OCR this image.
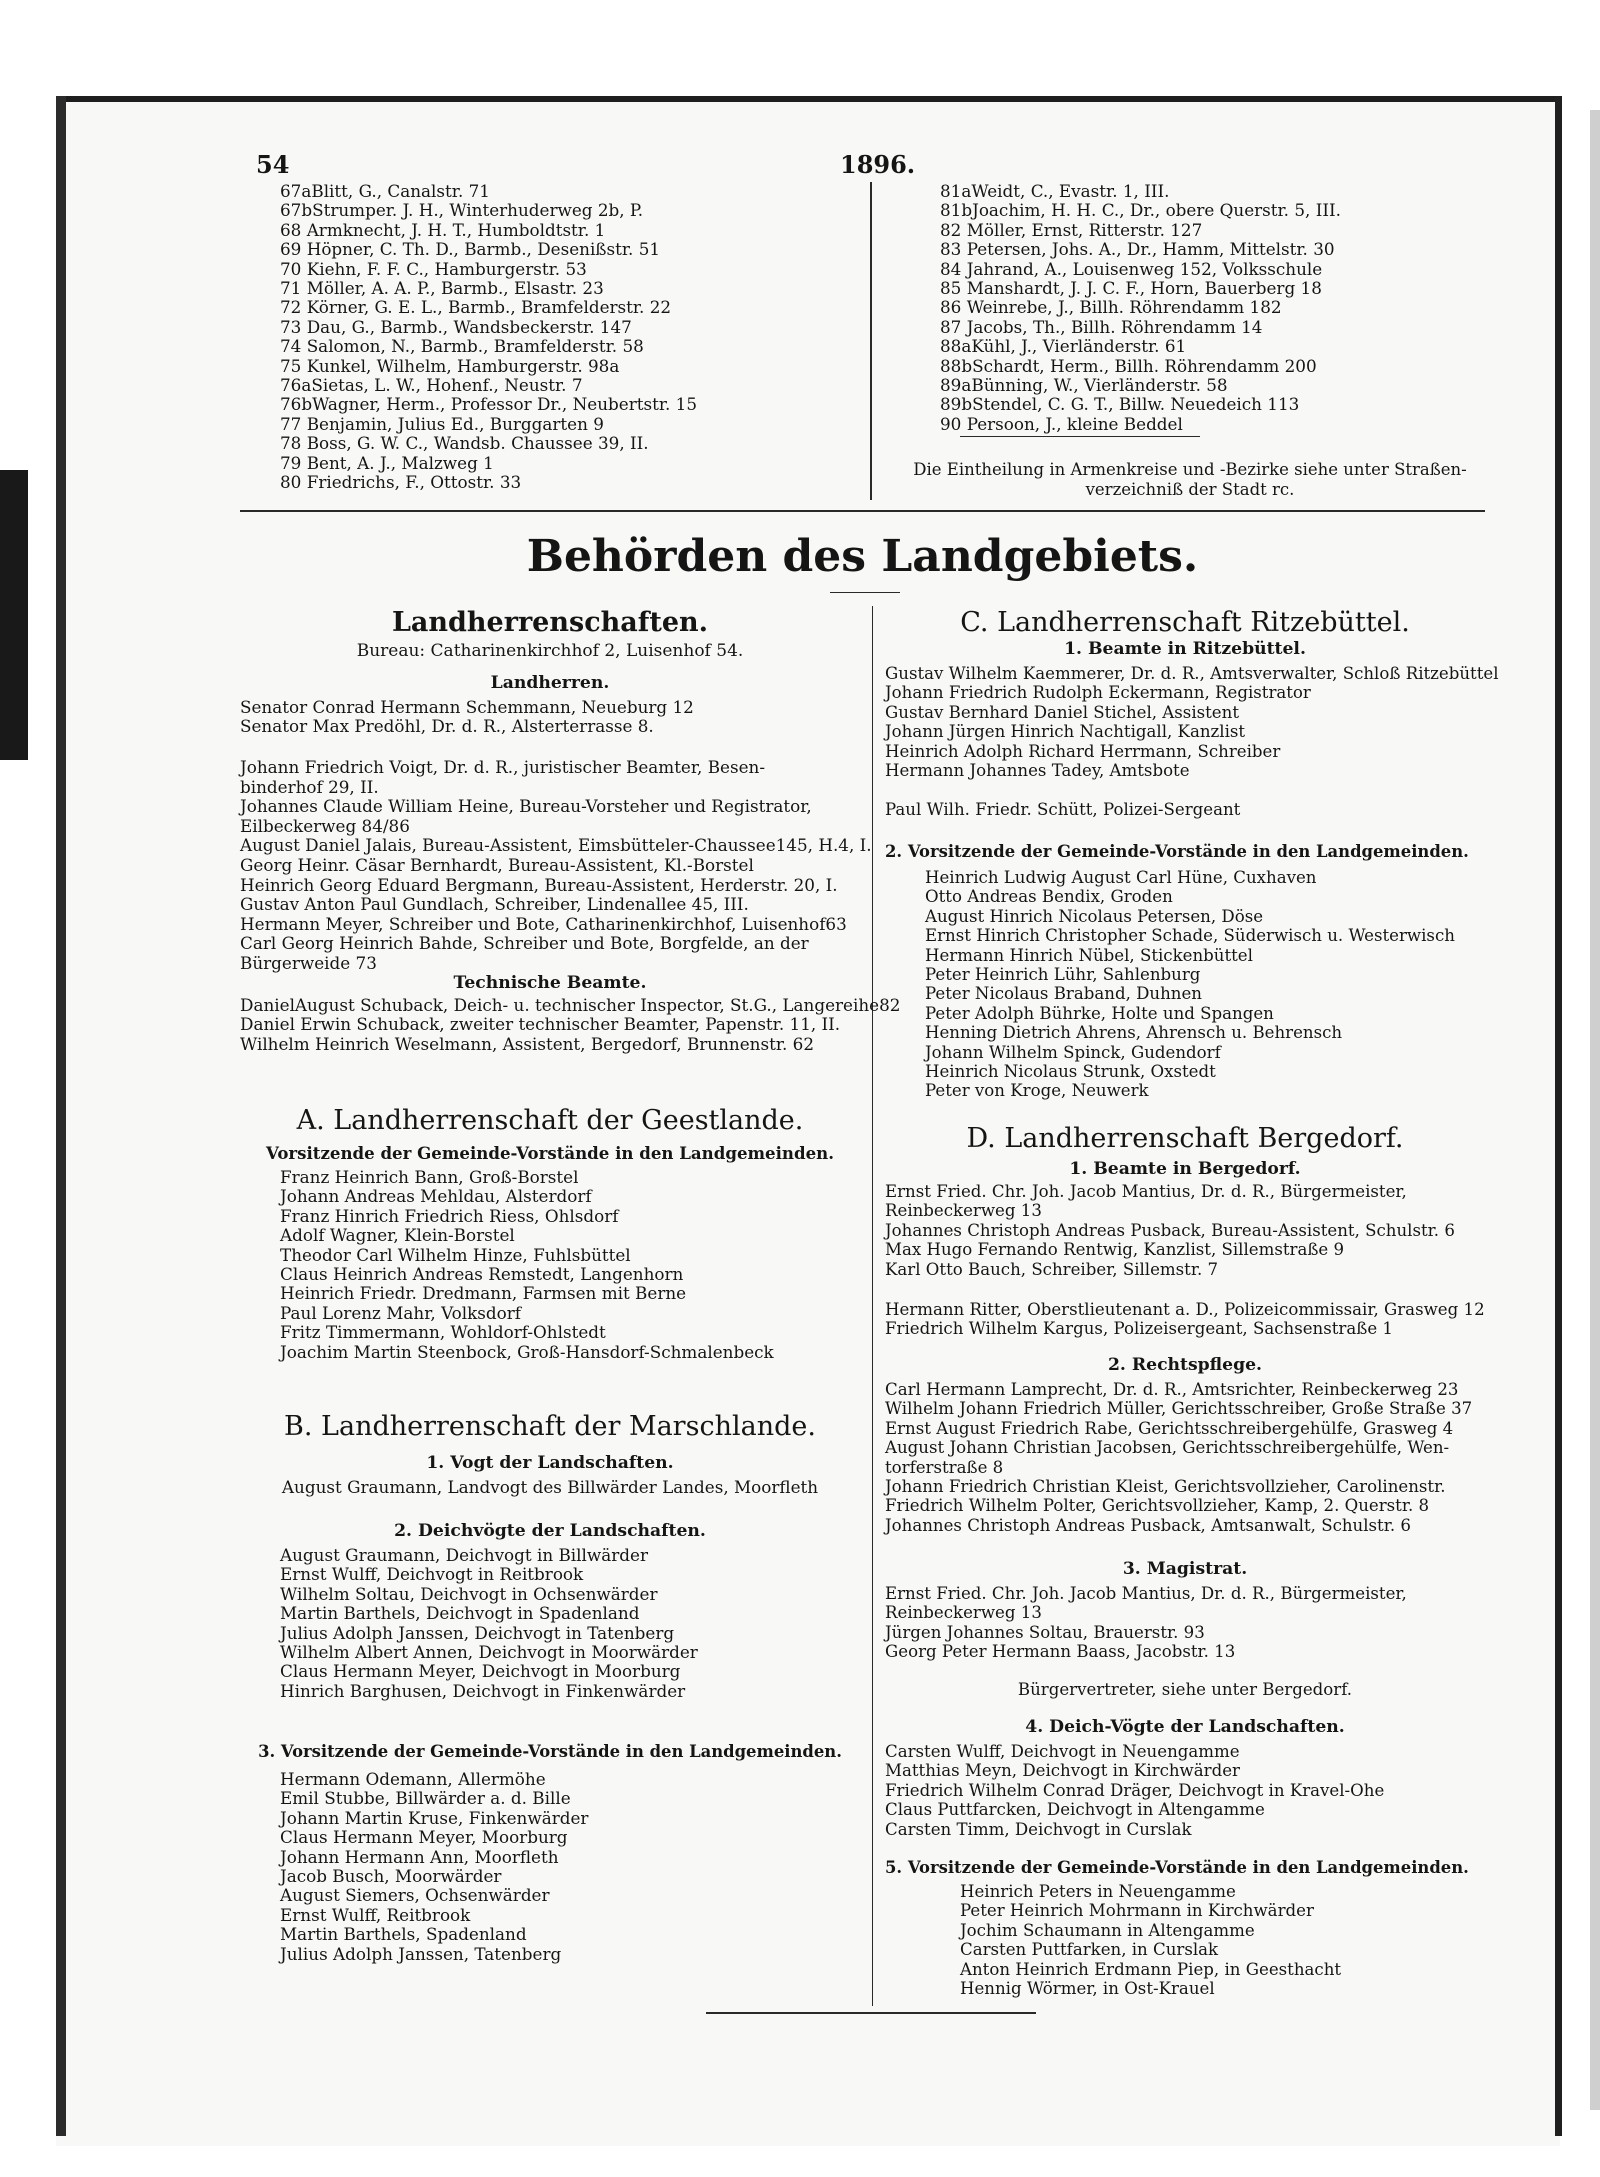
54	1896.
Die Eintheilung in Armenkreise und -Bezirke siehe unter Straßen-
verzeichniß der Stadt rc.
Behörden des Landgebiets.
67aBlitt, G., Canalstr. 71
67bStrumper. J. H., Winterhuderweg 2b, P.
68 Armknecht, J. H. T., Humboldtstr. 1
69 Höpner, C. Th. D., Barmb., Desenißstr. 51
70 Kiehn, F. F. C., Hamburgerstr. 53
71 Möller, A. A. P., Barmb., Elsastr. 23
72 Körner, G. E. L., Barmb., Bramfelderstr. 22
73 Dau, G., Barmb., Wandsbeckerstr. 147
74 Salomon, N., Barmb., Bramfelderstr. 58
75 Kunkel, Wilhelm, Hamburgerstr. 98a
76aSietas, L. W., Hohenf., Neustr. 7
76bWagner, Herm., Professor Dr., Neubertstr. 15
77 Benjamin, Julius Ed., Burggarten 9
78 Boss, G. W. C., Wandsb. Chaussee 39, II.
79 Bent, A. J., Malzweg 1
80 Friedrichs, F., Ottostr. 33
81aWeidt, C., Evastr. 1, III.
81bJoachim, H. H. C., Dr., obere Querstr. 5, III.
82 Möller, Ernst, Ritterstr. 127
83 Petersen, Johs. A., Dr., Hamm, Mittelstr. 30
84 Jahrand, A., Louisenweg 152, Volksschule
85 Manshardt, J. J. C. F., Horn, Bauerberg 18
86 Weinrebe, J., Billh. Röhrendamm 182
87 Jacobs, Th., Billh. Röhrendamm 14
88aKühl, J., Vierländerstr. 61
88bSchardt, Herm., Billh. Röhrendamm 200
89aBünning, W., Vierländerstr. 58
89bStendel, C. G. T., Billw. Neuedeich 113
90 Persoon, J., kleine Beddel
Landherrenschaften.
Bureau: Catharinenkirchhof 2, Luisenhof 54.
Landherren.
Senator Conrad Hermann Schemmann, Neueburg 12
Senator Max Predöhl, Dr. d. R., Alsterterrasse 8.
Johann Friedrich Voigt, Dr. d. R., juristischer Beamter, Besen-
binderhof 29, II.
Johannes Claude William Heine, Bureau-Vorsteher und Registrator,
Eilbeckerweg 84/86
August Daniel Jalais, Bureau-Assistent, Eimsbütteler-Chaussee145, H.4, I.
Georg Heinr. Cäsar Bernhardt, Bureau-Assistent, Kl.-Borstel
Heinrich Georg Eduard Bergmann, Bureau-Assistent, Herderstr. 20, I.
Gustav Anton Paul Gundlach, Schreiber, Lindenallee 45, III.
Hermann Meyer, Schreiber und Bote, Catharinenkirchhof, Luisenhof63
Carl Georg Heinrich Bahde, Schreiber und Bote, Borgfelde, an der
Bürgerweide 73
Technische Beamte.
DanielAugust Schuback, Deich- u. technischer Inspector, St.G., Langereihe82
Daniel Erwin Schuback, zweiter technischer Beamter, Papenstr. 11, II.
Wilhelm Heinrich Weselmann, Assistent, Bergedorf, Brunnenstr. 62
A. Landherrenschaft der Geestlande.
Vorsitzende der Gemeinde-Vorstände in den Landgemeinden.
Franz Heinrich Bann, Groß-Borstel
Johann Andreas Mehldau, Alsterdorf
Franz Hinrich Friedrich Riess, Ohlsdorf
Adolf Wagner, Klein-Borstel
Theodor Carl Wilhelm Hinze, Fuhlsbüttel
Claus Heinrich Andreas Remstedt, Langenhorn
Heinrich Friedr. Dredmann, Farmsen mit Berne
Paul Lorenz Mahr, Volksdorf
Fritz Timmermann, Wohldorf-Ohlstedt
Joachim Martin Steenbock, Groß-Hansdorf-Schmalenbeck
B. Landherrenschaft der Marschlande.
1. Vogt der Landschaften.
August Graumann, Landvogt des Billwärder Landes, Moorfleth
2. Deichvögte der Landschaften.
August Graumann, Deichvogt in Billwärder
Ernst Wulff, Deichvogt in Reitbrook
Wilhelm Soltau, Deichvogt in Ochsenwärder
Martin Barthels, Deichvogt in Spadenland
Julius Adolph Janssen, Deichvogt in Tatenberg
Wilhelm Albert Annen, Deichvogt in Moorwärder
Claus Hermann Meyer, Deichvogt in Moorburg
Hinrich Barghusen, Deichvogt in Finkenwärder
3. Vorsitzende der Gemeinde-Vorstände in den Landgemeinden.
Hermann Odemann, Allermöhe
Emil Stubbe, Billwärder a. d. Bille
Johann Martin Kruse, Finkenwärder
Claus Hermann Meyer, Moorburg
Johann Hermann Ann, Moorfleth
Jacob Busch, Moorwärder
August Siemers, Ochsenwärder
Ernst Wulff, Reitbrook
Martin Barthels, Spadenland
Julius Adolph Janssen, Tatenberg
C. Landherrenschaft Ritzebüttel.
1. Beamte in Ritzebüttel.
Gustav Wilhelm Kaemmerer, Dr. d. R., Amtsverwalter, Schloß Ritzebüttel
Johann Friedrich Rudolph Eckermann, Registrator
Gustav Bernhard Daniel Stichel, Assistent
Johann Jürgen Hinrich Nachtigall, Kanzlist
Heinrich Adolph Richard Herrmann, Schreiber
Hermann Johannes Tadey, Amtsbote
Paul Wilh. Friedr. Schütt, Polizei-Sergeant
2. Vorsitzende der Gemeinde-Vorstände in den Landgemeinden.
Heinrich Ludwig August Carl Hüne, Cuxhaven
Otto Andreas Bendix, Groden
August Hinrich Nicolaus Petersen, Döse
Ernst Hinrich Christopher Schade, Süderwisch u. Westerwisch
Hermann Hinrich Nübel, Stickenbüttel
Peter Heinrich Lühr, Sahlenburg
Peter Nicolaus Braband, Duhnen
Peter Adolph Bührke, Holte und Spangen
Henning Dietrich Ahrens, Ahrensch u. Behrensch
Johann Wilhelm Spinck, Gudendorf
Heinrich Nicolaus Strunk, Oxstedt
Peter von Kroge, Neuwerk
D. Landherrenschaft Bergedorf.
1. Beamte in Bergedorf.
Ernst Fried. Chr. Joh. Jacob Mantius, Dr. d. R., Bürgermeister,
Reinbeckerweg 13
Johannes Christoph Andreas Pusback, Bureau-Assistent, Schulstr. 6
Max Hugo Fernando Rentwig, Kanzlist, Sillemstraße 9
Karl Otto Bauch, Schreiber, Sillemstr. 7
Hermann Ritter, Oberstlieutenant a. D., Polizeicommissair, Grasweg 12
Friedrich Wilhelm Kargus, Polizeisergeant, Sachsenstraße 1
2. Rechtspflege.
Carl Hermann Lamprecht, Dr. d. R., Amtsrichter, Reinbeckerweg 23
Wilhelm Johann Friedrich Müller, Gerichtsschreiber, Große Straße 37
Ernst August Friedrich Rabe, Gerichtsschreibergehülfe, Grasweg 4
August Johann Christian Jacobsen, Gerichtsschreibergehülfe, Wen-
torferstraße 8
Johann Friedrich Christian Kleist, Gerichtsvollzieher, Carolinenstr.
Friedrich Wilhelm Polter, Gerichtsvollzieher, Kamp, 2. Querstr. 8
Johannes Christoph Andreas Pusback, Amtsanwalt, Schulstr. 6
3. Magistrat.
Ernst Fried. Chr. Joh. Jacob Mantius, Dr. d. R., Bürgermeister,
Reinbeckerweg 13
Jürgen Johannes Soltau, Brauerstr. 93
Georg Peter Hermann Baass, Jacobstr. 13
Bürgervertreter, siehe unter Bergedorf.
4. Deich-Vögte der Landschaften.
Carsten Wulff, Deichvogt in Neuengamme
Matthias Meyn, Deichvogt in Kirchwärder
Friedrich Wilhelm Conrad Dräger, Deichvogt in Kravel-Ohe
Claus Puttfarcken, Deichvogt in Altengamme
Carsten Timm, Deichvogt in Curslak
5. Vorsitzende der Gemeinde-Vorstände in den Landgemeinden.
Heinrich Peters in Neuengamme
Peter Heinrich Mohrmann in Kirchwärder
Jochim Schaumann in Altengamme
Carsten Puttfarken, in Curslak
Anton Heinrich Erdmann Piep, in Geesthacht
Hennig Wörmer, in Ost-Krauel
